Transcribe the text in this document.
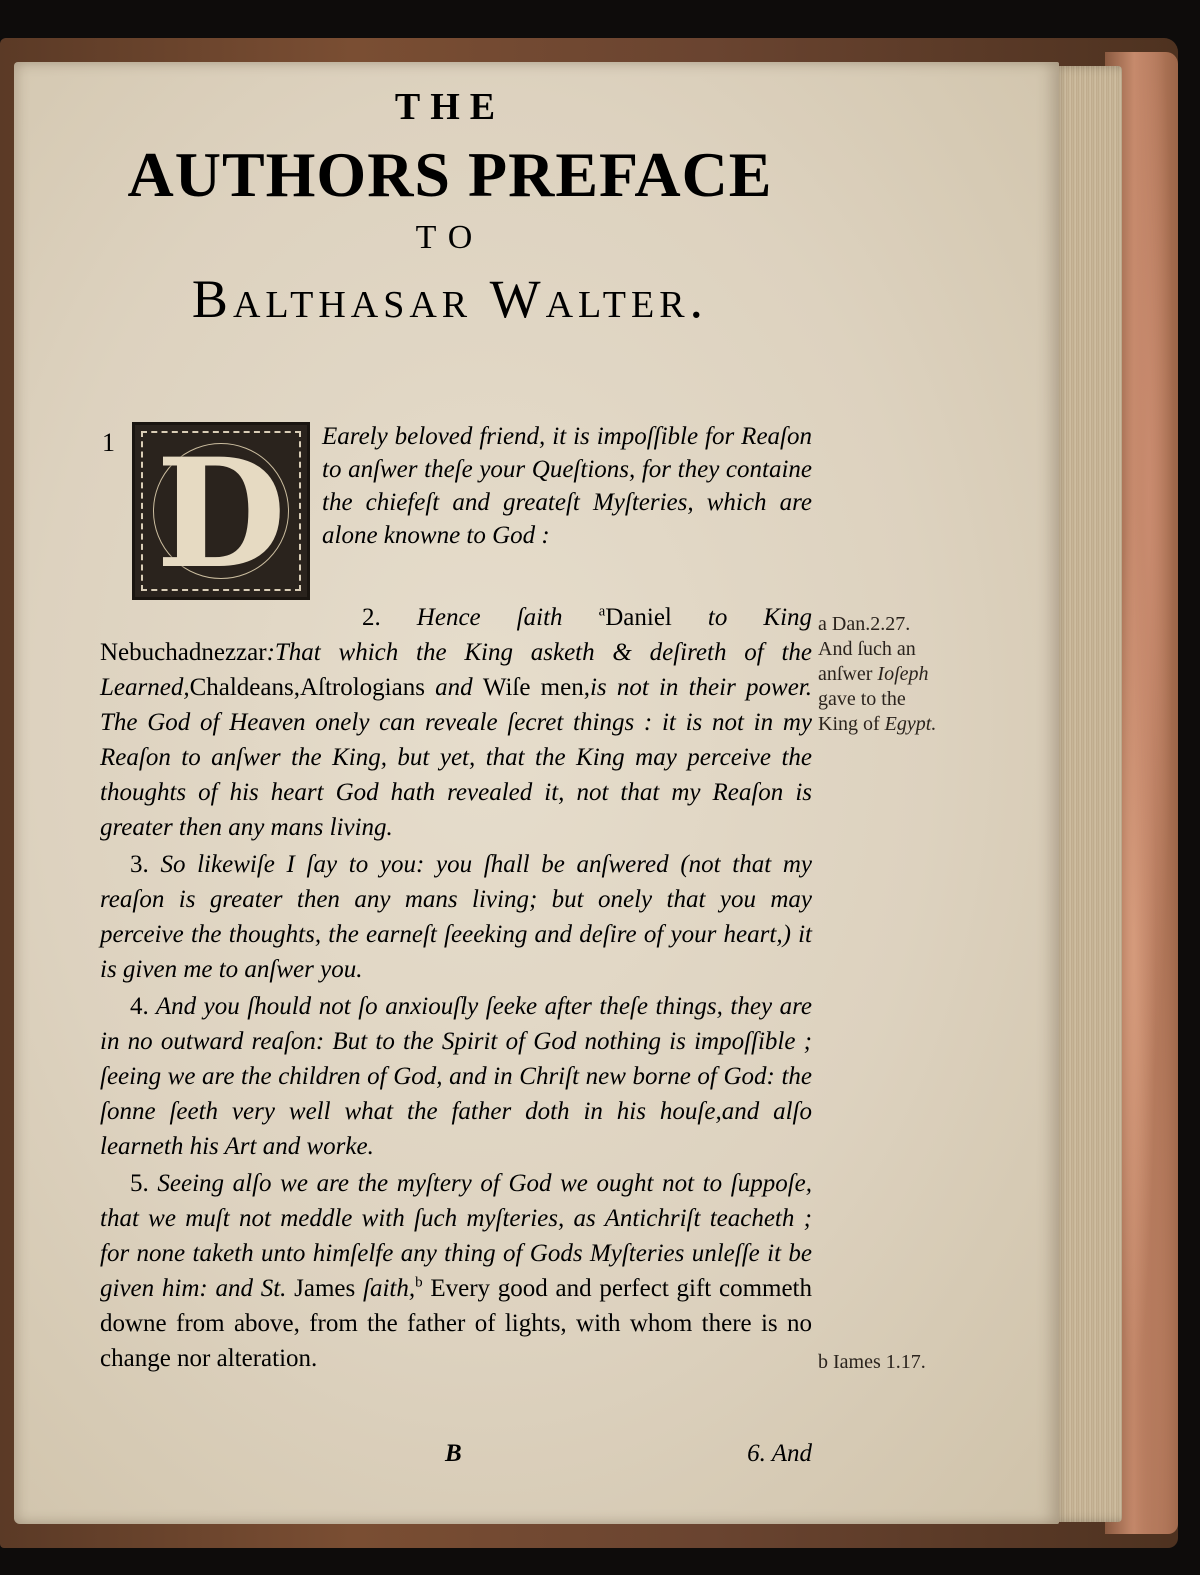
THE
AUTHORS PREFACE
TO
Balthasar Walter.
1 D	Earely beloved friend, it is impoſſible for Reaſon to anſwer theſe your Queſtions, for they containe the chiefeſt and greateſt Myſteries, which are alone knowne to God :

2. Hence ſaith $^a$Daniel to King Nebuchadnezzar:That which the King asketh & deſireth of the Learned,Chaldeans,Aſtrologians and Wiſe men,is not in their power. The God of Heaven onely can reveale ſecret things : it is not in my Reaſon to anſwer the King, but yet, that the King may perceive the thoughts of his heart God hath revealed it, not that my Reaſon is greater then any mans living.

3. So likewiſe I ſay to you: you ſhall be anſwered (not that my reaſon is greater then any mans living; but onely that you may perceive the thoughts, the earneſt ſeeeking and deſire of your heart,) it is given me to anſwer you.

4. And you ſhould not ſo anxiouſly ſeeke after theſe things, they are in no outward reaſon: But to the Spirit of God nothing is impoſſible ; ſeeing we are the children of God, and in Chriſt new borne of God: the ſonne ſeeth very well what the father doth in his houſe,and alſo learneth his Art and worke.

5. Seeing alſo we are the myſtery of God we ought not to ſuppoſe, that we muſt not meddle with ſuch myſteries, as Antichriſt teacheth ; for none taketh unto himſelfe any thing of Gods Myſteries unleſſe it be given him: and St. James ſaith,$^b$ Every good and perfect gift commeth downe from above, from the father of lights, with whom there is no change nor alteration.

B	6. And
a Dan.2.27.
And ſuch an
anſwer Ioſeph
gave to the
King of Egypt.
b Iames 1.17.
